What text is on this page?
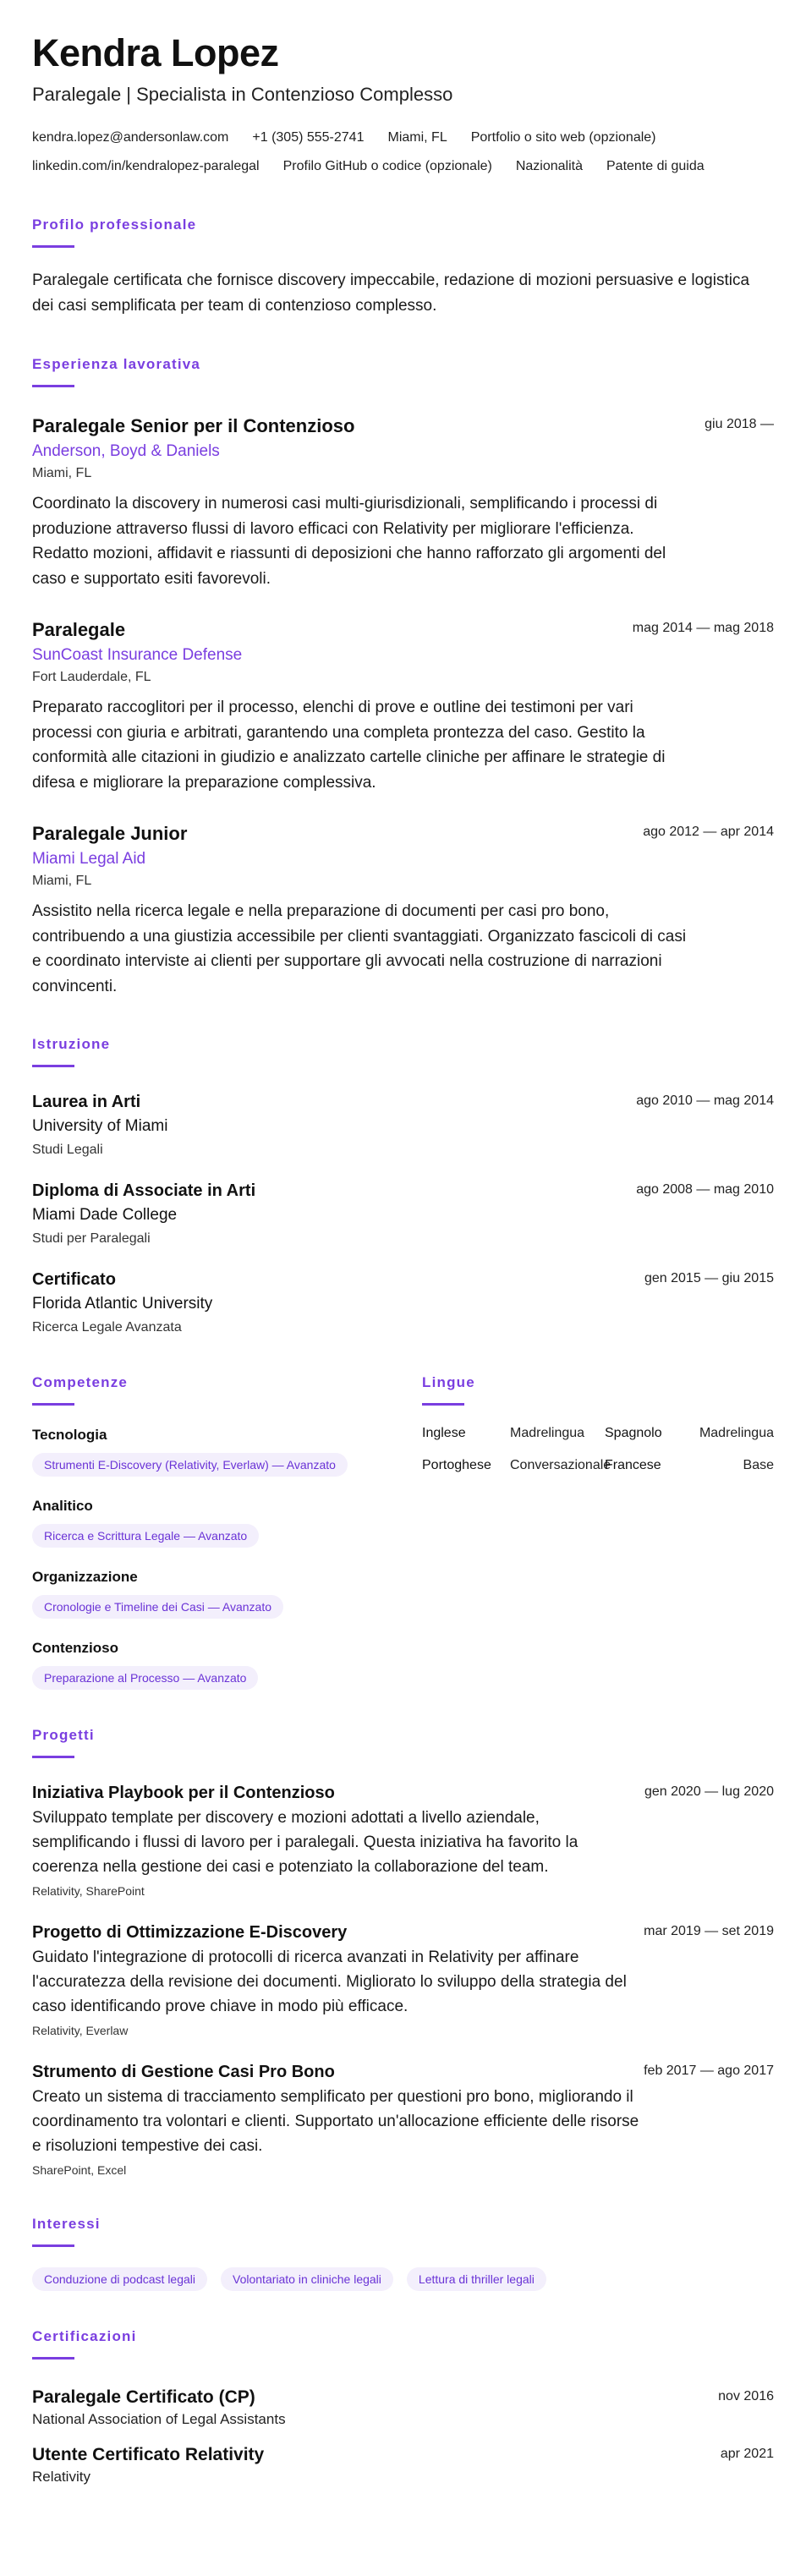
Kendra Lopez
Paralegale | Specialista in Contenzioso Complesso
kendra.lopez@andersonlaw.com +1 (305) 555-2741 Miami, FL Portfolio o sito web (opzionale)
linkedin.com/in/kendralopez-paralegal Profilo GitHub o codice (opzionale) Nazionalità Patente di guida
Profilo professionale
Paralegale certificata che fornisce discovery impeccabile, redazione di mozioni persuasive e logistica dei casi semplificata per team di contenzioso complesso.
Esperienza lavorativa
Paralegale Senior per il Contenzioso	giu 2018 —
Anderson, Boyd & Daniels
Miami, FL
Coordinato la discovery in numerosi casi multi-giurisdizionali, semplificando i processi di produzione attraverso flussi di lavoro efficaci con Relativity per migliorare l'efficienza. Redatto mozioni, affidavit e riassunti di deposizioni che hanno rafforzato gli argomenti del caso e supportato esiti favorevoli.
Paralegale	mag 2014 — mag 2018
SunCoast Insurance Defense
Fort Lauderdale, FL
Preparato raccoglitori per il processo, elenchi di prove e outline dei testimoni per vari processi con giuria e arbitrati, garantendo una completa prontezza del caso. Gestito la conformità alle citazioni in giudizio e analizzato cartelle cliniche per affinare le strategie di difesa e migliorare la preparazione complessiva.
Paralegale Junior	ago 2012 — apr 2014
Miami Legal Aid
Miami, FL
Assistito nella ricerca legale e nella preparazione di documenti per casi pro bono, contribuendo a una giustizia accessibile per clienti svantaggiati. Organizzato fascicoli di casi e coordinato interviste ai clienti per supportare gli avvocati nella costruzione di narrazioni convincenti.
Istruzione
Laurea in Arti	ago 2010 — mag 2014
University of Miami
Studi Legali
Diploma di Associate in Arti	ago 2008 — mag 2010
Miami Dade College
Studi per Paralegali
Certificato	gen 2015 — giu 2015
Florida Atlantic University
Ricerca Legale Avanzata
Competenze
Tecnologia
Strumenti E-Discovery (Relativity, Everlaw) — Avanzato
Analitico
Ricerca e Scrittura Legale — Avanzato
Organizzazione
Cronologie e Timeline dei Casi — Avanzato
Contenzioso
Preparazione al Processo — Avanzato
Lingue
Inglese	Madrelingua	Spagnolo	Madrelingua
Portoghese	Conversazionale
Francese	Base
Progetti
Iniziativa Playbook per il Contenzioso	gen 2020 — lug 2020
Sviluppato template per discovery e mozioni adottati a livello aziendale, semplificando i flussi di lavoro per i paralegali. Questa iniziativa ha favorito la coerenza nella gestione dei casi e potenziato la collaborazione del team.
Relativity, SharePoint
Progetto di Ottimizzazione E-Discovery	mar 2019 — set 2019
Guidato l'integrazione di protocolli di ricerca avanzati in Relativity per affinare l'accuratezza della revisione dei documenti. Migliorato lo sviluppo della strategia del caso identificando prove chiave in modo più efficace.
Relativity, Everlaw
Strumento di Gestione Casi Pro Bono	feb 2017 — ago 2017
Creato un sistema di tracciamento semplificato per questioni pro bono, migliorando il coordinamento tra volontari e clienti. Supportato un'allocazione efficiente delle risorse e risoluzioni tempestive dei casi.
SharePoint, Excel
Interessi
Conduzione di podcast legali	Volontariato in cliniche legali	Lettura di thriller legali
Certificazioni
Paralegale Certificato (CP)	nov 2016
National Association of Legal Assistants
Utente Certificato Relativity	apr 2021
Relativity
